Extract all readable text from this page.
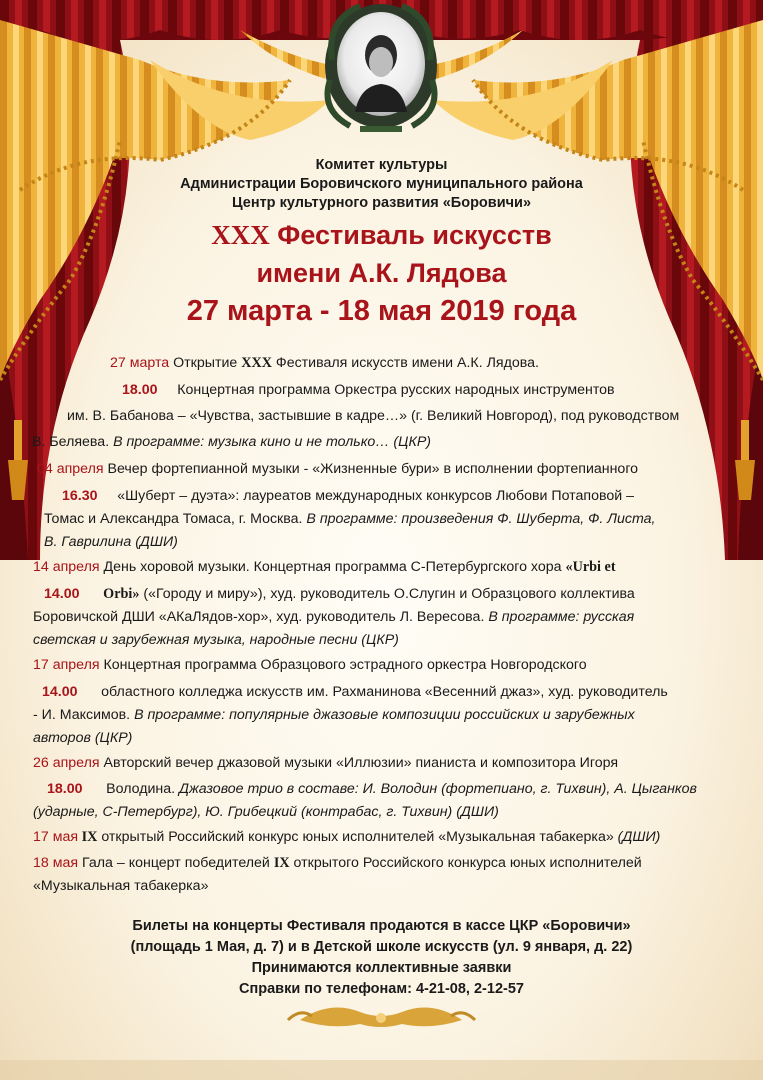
Комитет культуры
Администрации Боровичского муниципального района
Центр культурного развития «Боровичи»
XXX Фестиваль искусств
имени А.К. Лядова
27 марта - 18 мая 2019 года
27 марта Открытие XXX Фестиваля искусств имени А.К. Лядова.
18.00 Концертная программа Оркестра русских народных инструментов
им. В. Бабанова – «Чувства, застывшие в кадре…» (г. Великий Новгород), под руководством
В. Беляева. В программе: музыка кино и не только… (ЦКР)
04 апреля Вечер фортепианной музыки - «Жизненные бури» в исполнении фортепианного
16.30 «Шуберт – дуэта»: лауреатов международных конкурсов Любови Потаповой –
Томас и Александра Томаса, г. Москва. В программе: произведения Ф. Шуберта, Ф. Листа,
В. Гаврилина (ДШИ)
14 апреля День хоровой музыки. Концертная программа С-Петербургского хора «Urbi et
14.00 Orbi» («Городу и миру»), худ. руководитель О.Слугин и Образцового коллектива
Боровичской ДШИ «АКаЛядов-хор», худ. руководитель Л. Вересова. В программе: русская
светская и зарубежная музыка, народные песни (ЦКР)
17 апреля Концертная программа Образцового эстрадного оркестра Новгородского
14.00 областного колледжа искусств им. Рахманинова «Весенний джаз», худ. руководитель
- И. Максимов. В программе: популярные джазовые композиции российских и зарубежных
авторов (ЦКР)
26 апреля Авторский вечер джазовой музыки «Иллюзии» пианиста и композитора Игоря
18.00 Володина. Джазовое трио в составе: И. Володин (фортепиано, г. Тихвин), А. Цыганков
(ударные, С-Петербург), Ю. Грибецкий (контрабас, г. Тихвин) (ДШИ)
17 мая IX открытый Российский конкурс юных исполнителей «Музыкальная табакерка» (ДШИ)
18 мая Гала – концерт победителей IX открытого Российского конкурса юных исполнителей
«Музыкальная табакерка»
Билеты на концерты Фестиваля продаются в кассе ЦКР «Боровичи»
(площадь 1 Мая, д. 7) и в Детской школе искусств (ул. 9 января, д. 22)
Принимаются коллективные заявки
Справки по телефонам: 4-21-08, 2-12-57
